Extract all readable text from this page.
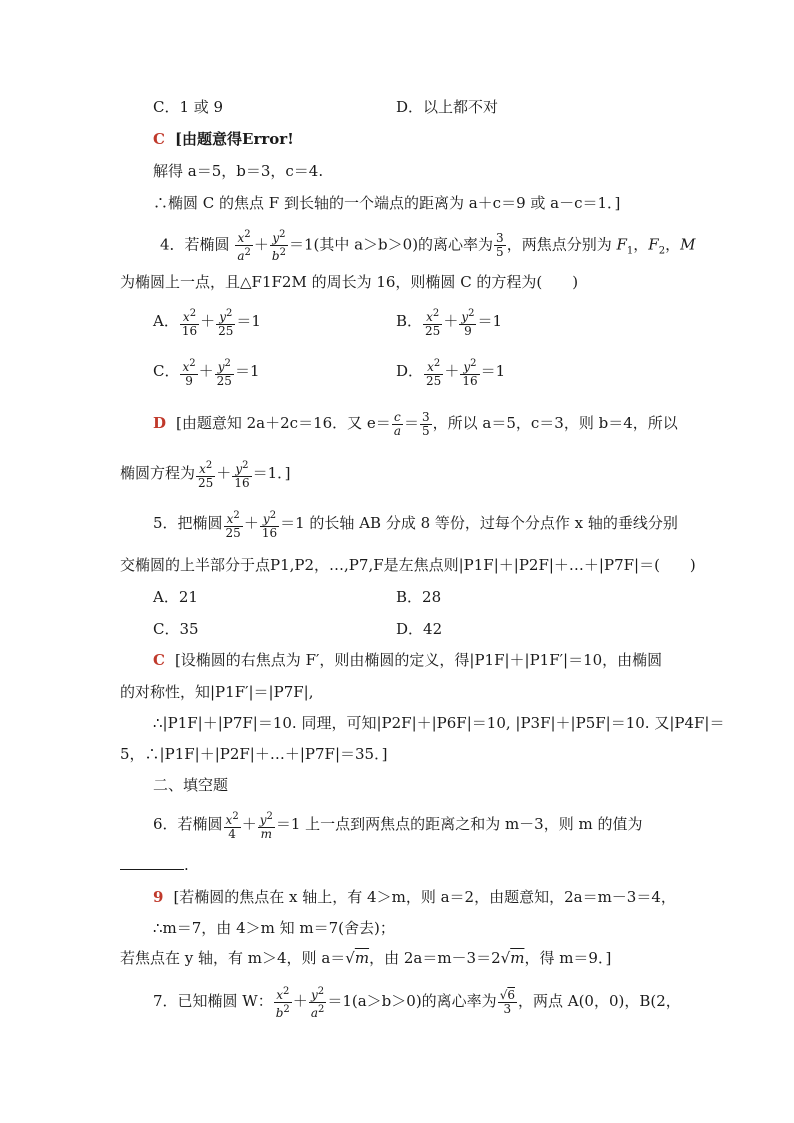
C．1 或 9	D．以上都不对
C [由题意得Error!
解得 a＝5，b＝3，c＝4.
∴椭圆 C 的焦点 F 到长轴的一个端点的距离为 a＋c＝9 或 a－c＝1．]
4．若椭圆 $\frac{x^2}{a^2} + \frac{y^2}{b^2} =1$(其中 a＞b＞0)的离心率为 $\frac{3}{5}$ ，两焦点分别为 $F_1$，$F_2$，M
为椭圆上一点，且△F1F2M 的周长为 16，则椭圆 C 的方程为(　　)
A． $\frac{x^2}{16} + \frac{y^2}{25} =1$	B． $\frac{x^2}{25} + \frac{y^2}{9} =1$
C． $\frac{x^2}{9} + \frac{y^2}{25} =1$	D． $\frac{x^2}{25} + \frac{y^2}{16} =1$
D [由题意知 2a＋2c＝16．又 $e= \frac{c}{a} = \frac{3}{5}$ ，所以 a＝5，c＝3，则 b＝4，所以
椭圆方程为 $\frac{x^2}{25} + \frac{y^2}{16} =1$．]
5．把椭圆 $\frac{x^2}{25} + \frac{y^2}{16} =1$ 的长轴 AB 分成 8 等份，过每个分点作 x 轴的垂线分别
交椭圆的上半部分于点P1,P2，…,P7,F是左焦点则|P1F|＋|P2F|＋…＋|P7F|＝(　　)
A．21	B．28
C．35	D．42
C [设椭圆的右焦点为 F′，则由椭圆的定义，得|P1F|＋|P1F′|＝10，由椭圆
的对称性，知|P1F′|＝|P7F|,
∴|P1F|＋|P7F|＝10. 同理，可知|P2F|＋|P6F|＝10, |P3F|＋|P5F|＝10. 又|P4F|＝
5，∴|P1F|＋|P2F|＋…＋|P7F|＝35．]
二、填空题
6．若椭圆 $\frac{x^2}{4} + \frac{y^2}{m} =1$ 上一点到两焦点的距离之和为 m－3，则 m 的值为
.
9 [若椭圆的焦点在 x 轴上，有 4＞m，则 a＝2，由题意知，2a＝m－3＝4，
∴m＝7，由 4＞m 知 m＝7(舍去)；
若焦点在 y 轴，有 m＞4，则 a＝√m，由 2a＝m－3＝2√m，得 m＝9．]
7．已知椭圆 W： $\frac{x^2}{b^2} + \frac{y^2}{a^2} =1(a>b>0)$的离心率为 $\frac{√6}{3}$ ，两点 A(0，0)，B(2，
